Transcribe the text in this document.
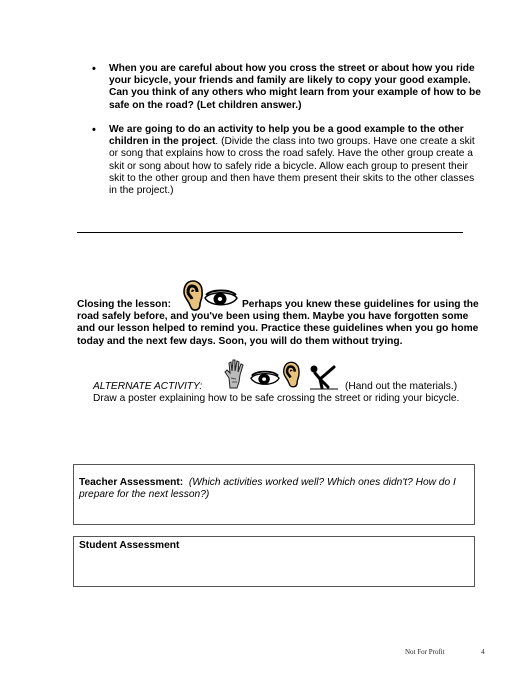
• When you are careful about how you cross the street or about how you ride your bicycle, your friends and family are likely to copy your good example. Can you think of any others who might learn from your example of how to be safe on the road? (Let children answer.)
• We are going to do an activity to help you be a good example to the other children in the project. (Divide the class into two groups. Have one create a skit or song that explains how to cross the road safely. Have the other group create a skit or song about how to safely ride a bicycle. Allow each group to present their skit to the other group and then have them present their skits to the other classes in the project.)
Closing the lesson:	Perhaps you knew these guidelines for using the road safely before, and you've been using them. Maybe you have forgotten some and our lesson helped to remind you. Practice these guidelines when you go home today and the next few days. Soon, you will do them without trying.
ALTERNATE ACTIVITY:	(Hand out the materials.)
Draw a poster explaining how to be safe crossing the street or riding your bicycle.
Teacher Assessment: (Which activities worked well? Which ones didn't? How do I prepare for the next lesson?)
Student Assessment
Not For Profit	4
